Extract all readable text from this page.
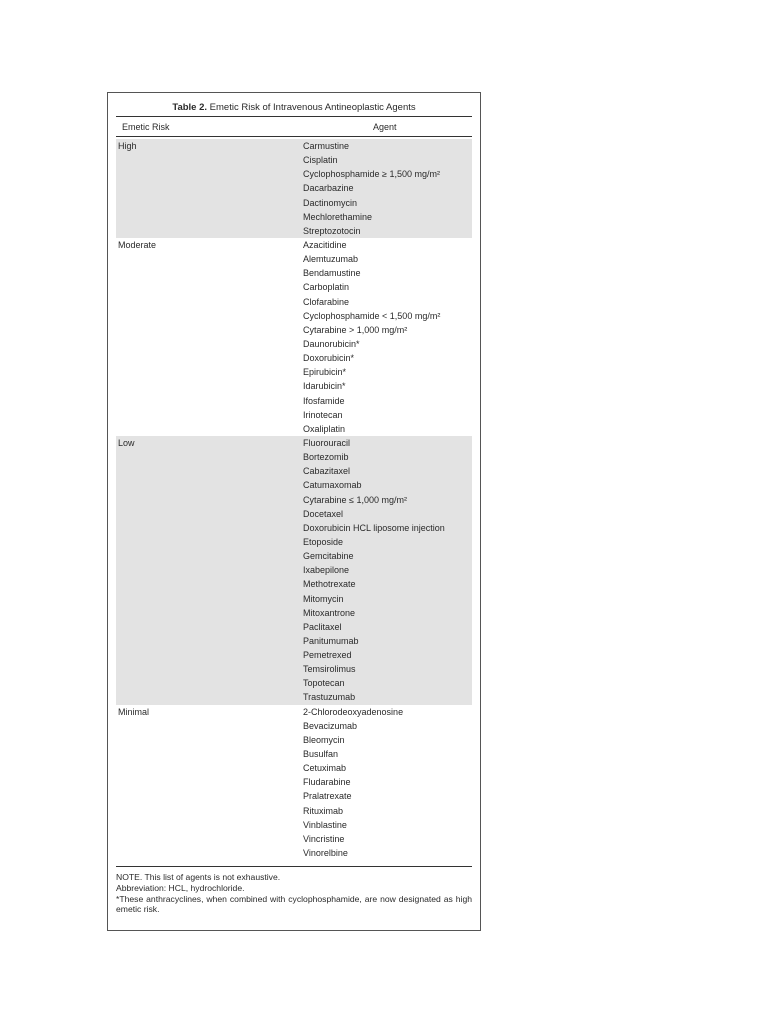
Table 2. Emetic Risk of Intravenous Antineoplastic Agents
Emetic Risk	Agent
High	Carmustine
Cisplatin
Cyclophosphamide ≥ 1,500 mg/m²
Dacarbazine
Dactinomycin
Mechlorethamine
Streptozotocin
Moderate	Azacitidine
Alemtuzumab
Bendamustine
Carboplatin
Clofarabine
Cyclophosphamide < 1,500 mg/m²
Cytarabine > 1,000 mg/m²
Daunorubicin*
Doxorubicin*
Epirubicin*
Idarubicin*
Ifosfamide
Irinotecan
Oxaliplatin
Low	Fluorouracil
Bortezomib
Cabazitaxel
Catumaxomab
Cytarabine ≤ 1,000 mg/m²
Docetaxel
Doxorubicin HCL liposome injection
Etoposide
Gemcitabine
Ixabepilone
Methotrexate
Mitomycin
Mitoxantrone
Paclitaxel
Panitumumab
Pemetrexed
Temsirolimus
Topotecan
Trastuzumab
Minimal	2-Chlorodeoxyadenosine
Bevacizumab
Bleomycin
Busulfan
Cetuximab
Fludarabine
Pralatrexate
Rituximab
Vinblastine
Vincristine
Vinorelbine
NOTE. This list of agents is not exhaustive.
Abbreviation: HCL, hydrochloride.
*These anthracyclines, when combined with cyclophosphamide, are now designated as high emetic risk.
